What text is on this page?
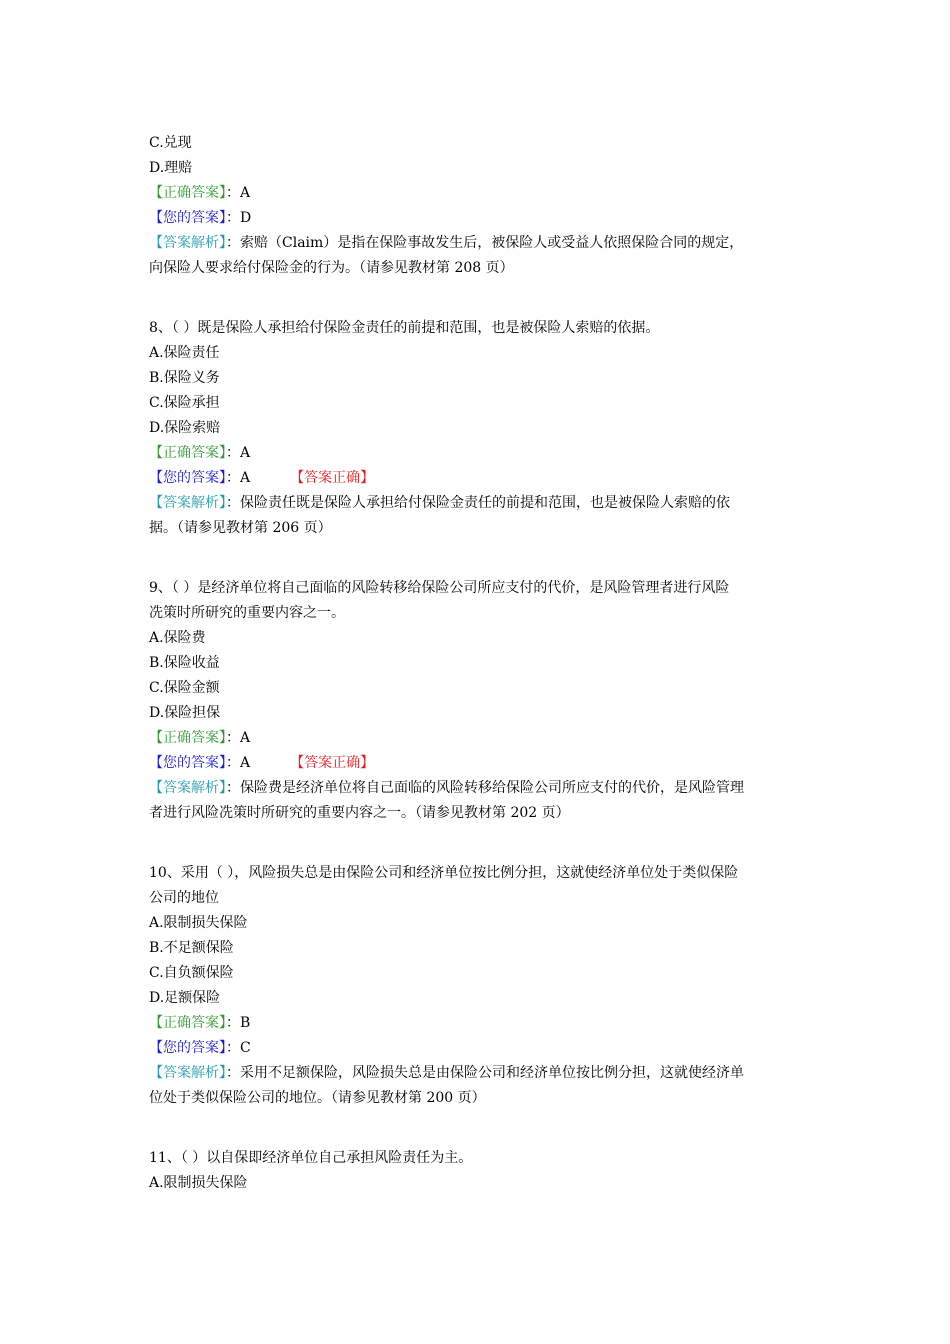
C.兑现
D.理赔
【正确答案】：A
【您的答案】：D
【答案解析】：索赔（Claim）是指在保险事故发生后，被保险人或受益人依照保险合同的规定，
向保险人要求给付保险金的行为。（请参见教材第 208 页）
8、（ ）既是保险人承担给付保险金责任的前提和范围，也是被保险人索赔的依据。
A.保险责任
B.保险义务
C.保险承担
D.保险索赔
【正确答案】：A
【您的答案】：A	【答案正确】
【答案解析】：保险责任既是保险人承担给付保险金责任的前提和范围，也是被保险人索赔的依
据。（请参见教材第 206 页）
9、（ ）是经济单位将自己面临的风险转移给保险公司所应支付的代价，是风险管理者进行风险
冼策时所研究的重要内容之一。
A.保险费
B.保险收益
C.保险金额
D.保险担保
【正确答案】：A
【您的答案】：A	【答案正确】
【答案解析】：保险费是经济单位将自己面临的风险转移给保险公司所应支付的代价，是风险管理
者进行风险冼策时所研究的重要内容之一。（请参见教材第 202 页）
10、采用（ ），风险损失总是由保险公司和经济单位按比例分担，这就使经济单位处于类似保险
公司的地位
A.限制损失保险
B.不足额保险
C.自负额保险
D.足额保险
【正确答案】：B
【您的答案】：C
【答案解析】：采用不足额保险，风险损失总是由保险公司和经济单位按比例分担，这就使经济单
位处于类似保险公司的地位。（请参见教材第 200 页）
11、（ ）以自保即经济单位自己承担风险责任为主。
A.限制损失保险
